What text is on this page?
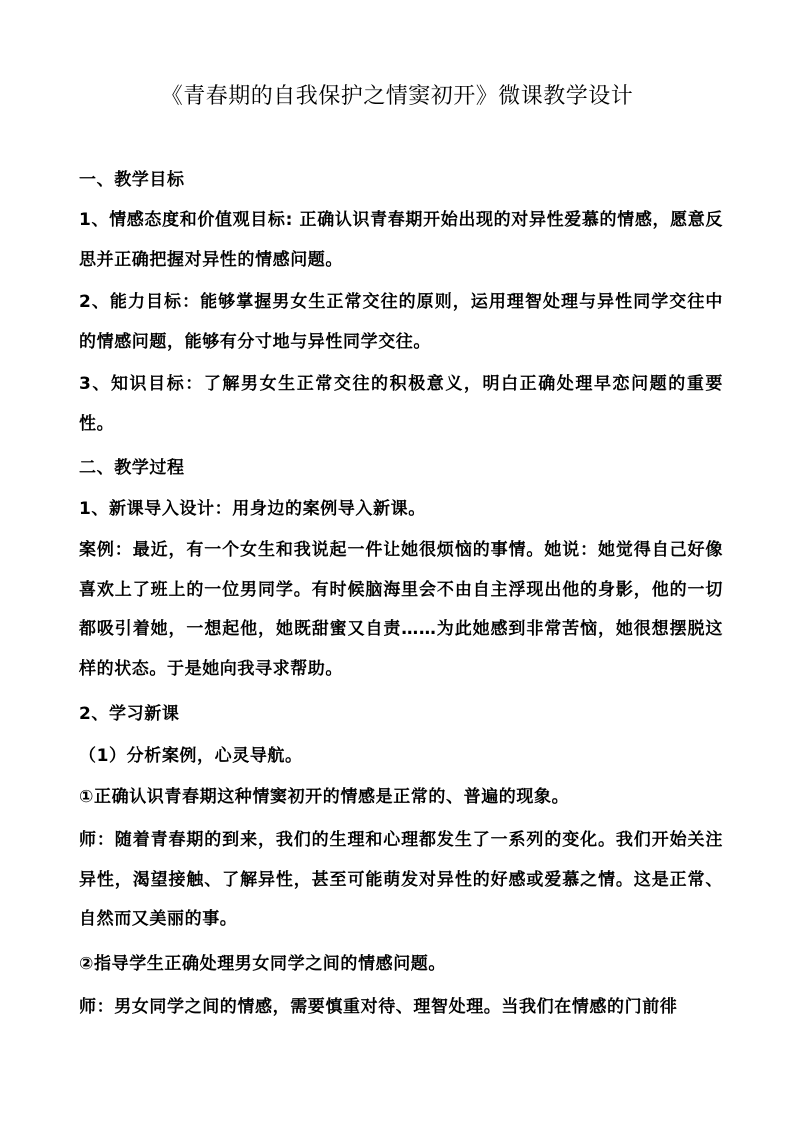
《青春期的自我保护之情窦初开》微课教学设计

一、教学目标

1、情感态度和价值观目标: 正确认识青春期开始出现的对异性爱慕的情感，愿意反思并正确把握对异性的情感问题。

2、能力目标：能够掌握男女生正常交往的原则，运用理智处理与异性同学交往中的情感问题，能够有分寸地与异性同学交往。

3、知识目标：了解男女生正常交往的积极意义，明白正确处理早恋问题的重要性。

二、教学过程

1、新课导入设计：用身边的案例导入新课。

案例：最近，有一个女生和我说起一件让她很烦恼的事情。她说：她觉得自己好像喜欢上了班上的一位男同学。有时候脑海里会不由自主浮现出他的身影，他的一切都吸引着她，一想起他，她既甜蜜又自责……为此她感到非常苦恼，她很想摆脱这样的状态。于是她向我寻求帮助。

2、学习新课

（1）分析案例，心灵导航。

①正确认识青春期这种情窦初开的情感是正常的、普遍的现象。

师：随着青春期的到来，我们的生理和心理都发生了一系列的变化。我们开始关注异性，渴望接触、了解异性，甚至可能萌发对异性的好感或爱慕之情。这是正常、自然而又美丽的事。

②指导学生正确处理男女同学之间的情感问题。

师：男女同学之间的情感，需要慎重对待、理智处理。当我们在情感的门前徘
